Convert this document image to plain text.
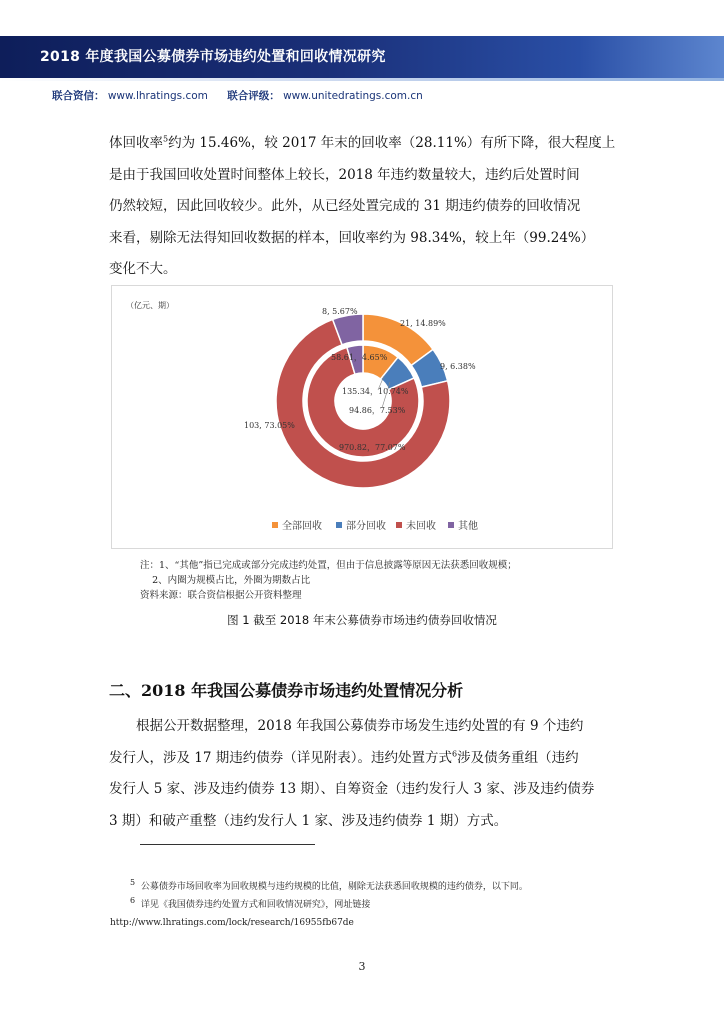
2018 年度我国公募债券市场违约处置和回收情况研究
联合资信： www.lhratings.com 联合评级： www.unitedratings.com.cn

体回收率$^5$约为 15.46%，较 2017 年末的回收率（28.11%）有所下降，很大程度上

是由于我国回收处置时间整体上较长，2018 年违约数量较大，违约后处置时间

仍然较短，因此回收较少。此外，从已经处置完成的 31 期违约债券的回收情况

来看，剔除无法得知回收数据的样本，回收率约为 98.34%，较上年（99.24%）

变化不大。

（亿元、期）
21, 14.89%
9, 6.38%
103, 73.05%
8, 5.67%
135.34，10.74%
94.86，7.53%
970.82，77.07%
58.61，4.65%
全部回收 部分回收 未回收 其他
注：1、“其他”指已完成或部分完成违约处置，但由于信息披露等原因无法获悉回收规模；
2、内圈为规模占比，外圈为期数占比
资料来源：联合资信根据公开资料整理
图 1 截至 2018 年末公募债券市场违约债券回收情况
二、2018 年我国公募债券市场违约处置情况分析

根据公开数据整理，2018 年我国公募债券市场发生违约处置的有 9 个违约

发行人，涉及 17 期违约债券（详见附表）。违约处置方式$^6$涉及债务重组（违约

发行人 5 家、涉及违约债券 13 期）、自筹资金（违约发行人 3 家、涉及违约债券

3 期）和破产重整（违约发行人 1 家、涉及违约债券 1 期）方式。

$^5$ 公募债券市场回收率为回收规模与违约规模的比值，剔除无法获悉回收规模的违约债券，以下同。
$^6$ 详见《我国债券违约处置方式和回收情况研究》，网址链接
http://www.lhratings.com/lock/research/16955fb67de
3
